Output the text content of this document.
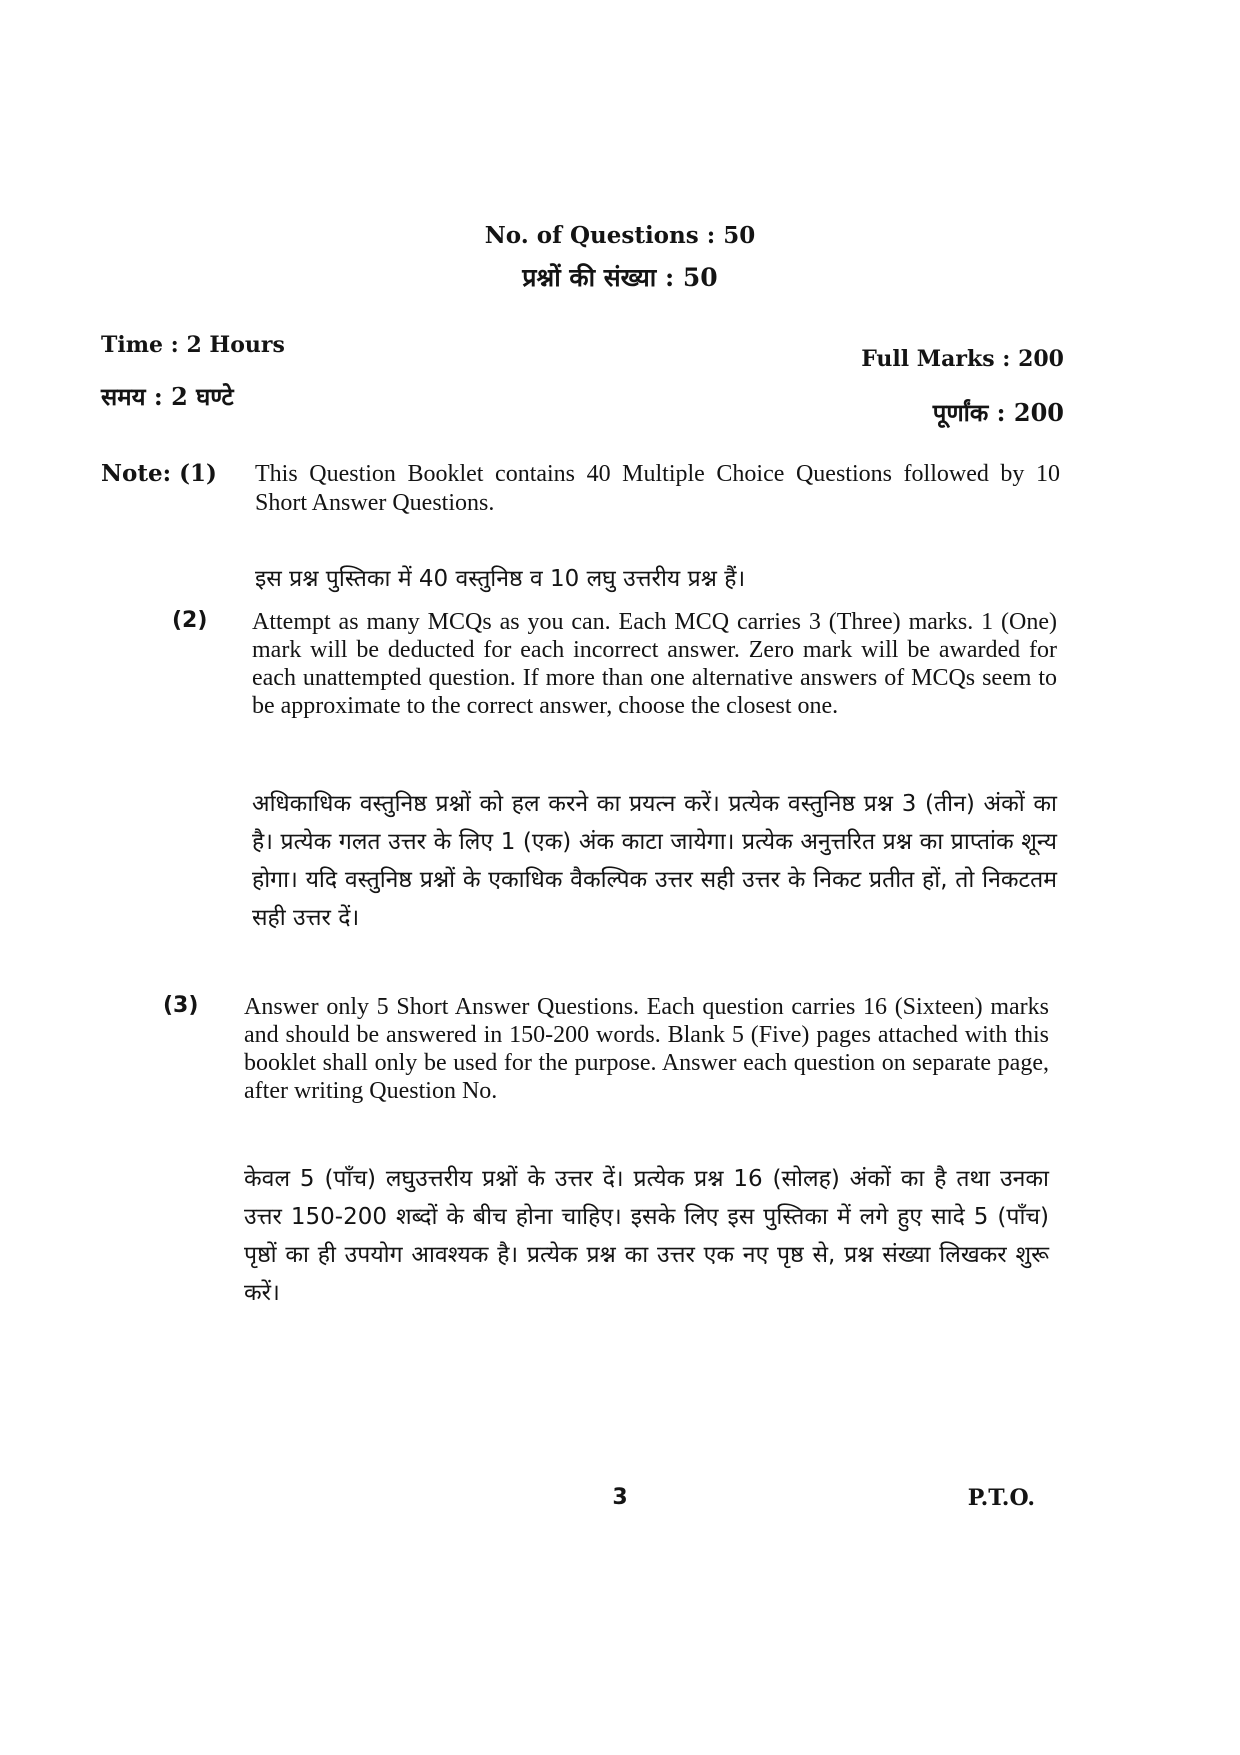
No. of Questions : 50
प्रश्नों की संख्या : 50
Time : 2 Hours
समय : 2 घण्टे
Full Marks : 200
पूर्णांक : 200
Note: (1) This Question Booklet contains 40 Multiple Choice Questions followed by 10 Short Answer Questions.
इस प्रश्न पुस्तिका में 40 वस्तुनिष्ठ व 10 लघु उत्तरीय प्रश्न हैं।
(2) Attempt as many MCQs as you can. Each MCQ carries 3 (Three) marks. 1 (One) mark will be deducted for each incorrect answer. Zero mark will be awarded for each unattempted question. If more than one alternative answers of MCQs seem to be approximate to the correct answer, choose the closest one.
अधिकाधिक वस्तुनिष्ठ प्रश्नों को हल करने का प्रयत्न करें। प्रत्येक वस्तुनिष्ठ प्रश्न 3 (तीन) अंकों का है। प्रत्येक गलत उत्तर के लिए 1 (एक) अंक काटा जायेगा। प्रत्येक अनुत्तरित प्रश्न का प्राप्तांक शून्य होगा। यदि वस्तुनिष्ठ प्रश्नों के एकाधिक वैकल्पिक उत्तर सही उत्तर के निकट प्रतीत हों, तो निकटतम सही उत्तर दें।
(3) Answer only 5 Short Answer Questions. Each question carries 16 (Sixteen) marks and should be answered in 150-200 words. Blank 5 (Five) pages attached with this booklet shall only be used for the purpose. Answer each question on separate page, after writing Question No.
केवल 5 (पाँच) लघुउत्तरीय प्रश्नों के उत्तर दें। प्रत्येक प्रश्न 16 (सोलह) अंकों का है तथा उनका उत्तर 150-200 शब्दों के बीच होना चाहिए। इसके लिए इस पुस्तिका में लगे हुए सादे 5 (पाँच) पृष्ठों का ही उपयोग आवश्यक है। प्रत्येक प्रश्न का उत्तर एक नए पृष्ठ से, प्रश्न संख्या लिखकर शुरू करें।
3	P.T.O.
